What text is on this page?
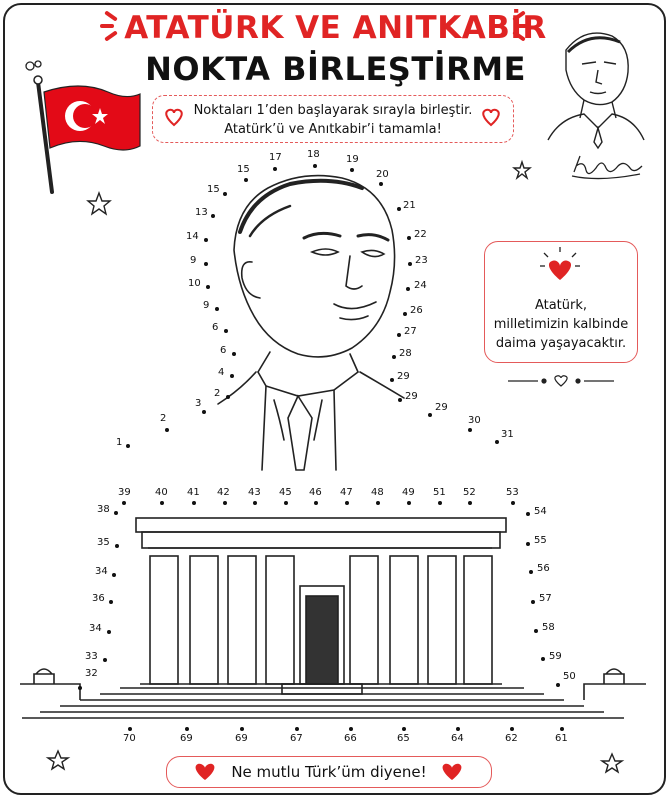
ATATÜRK VE ANITKABİR
NOKTA BİRLEŞTİRME
Noktaları 1’den başlayarak sırayla birleştir.
Atatürk’ü ve Anıtkabir’i tamamla!
Atatürk,
milletimizin kalbinde
daima yaşayacaktır.
Ne mutlu Türk’üm diyene!
1
2
3
2
4
6
6
9
10
9
14
13
15
15
17	18	19
20
21
22
23
24
26
27
28
29
29
29
30
31
39 40 41 42 43 45 46 47 48 49 51 52	53
38
35
34
36
34
33
32
54
55
56
57
58
59
50
70	69	69	67	66	65	64	62	61
